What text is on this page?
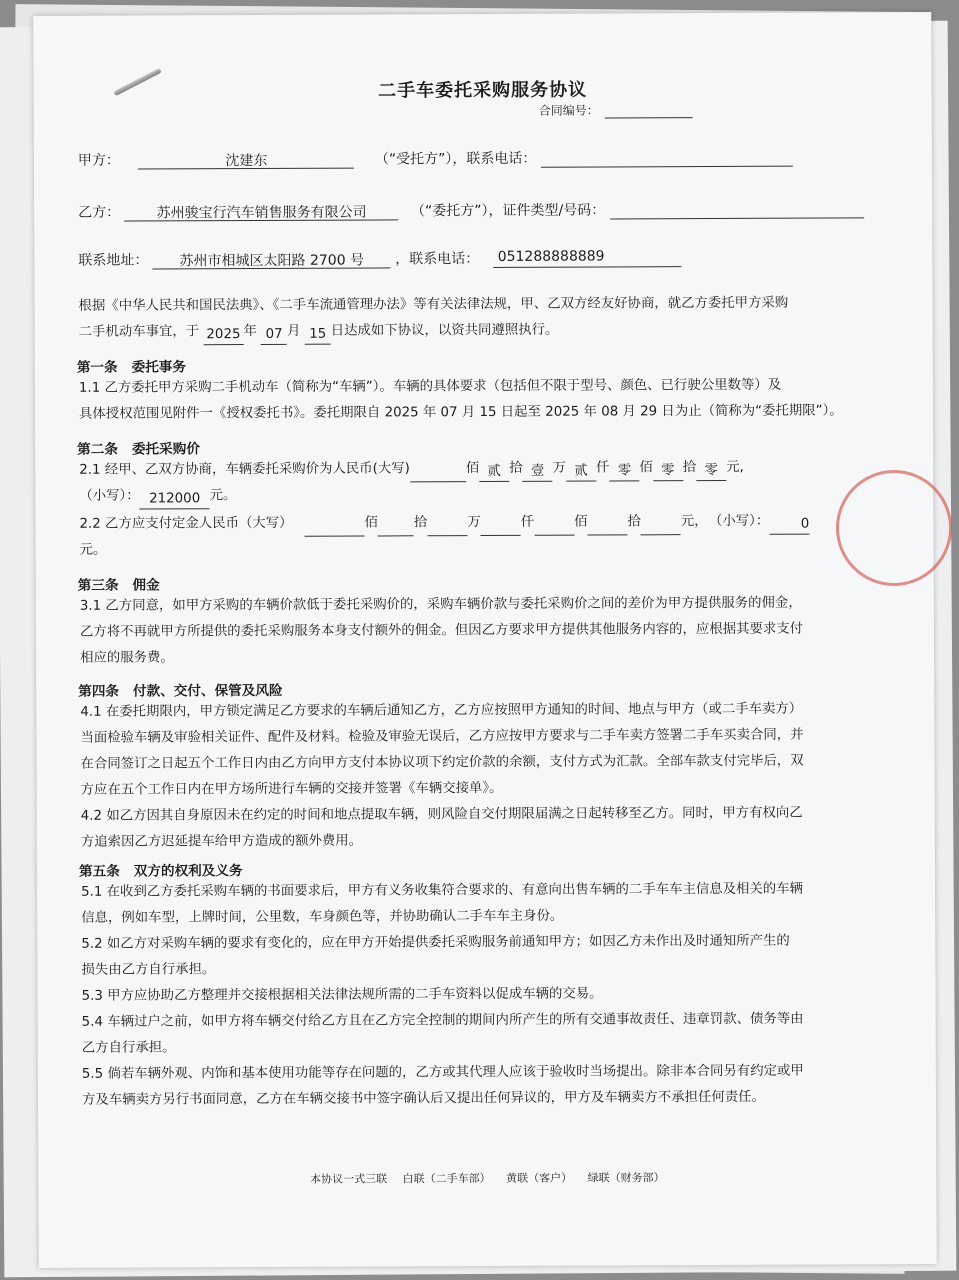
二手车委托采购服务协议
合同编号：
甲方：	沈建东	（“受托方”），联系电话：
乙方：	苏州骏宝行汽车销售服务有限公司	（“委托方”），证件类型/号码：
联系地址： 苏州市相城区太阳路 2700 号 ，联系电话： 051288888889
根据《中华人民共和国民法典》、《二手车流通管理办法》等有关法律法规，甲、乙双方经友好协商，就乙方委托甲方采购
二手机动车事宜，于 2025 年 07 月 15 日达成如下协议，以资共同遵照执行。
第一条 委托事务
1.1 乙方委托甲方采购二手机动车（简称为“车辆”）。车辆的具体要求（包括但不限于型号、颜色、已行驶公里数等）及
具体授权范围见附件一《授权委托书》。委托期限自 2025 年 07 月 15 日起至 2025 年 08 月 29 日为止（简称为“委托期限”）。
第二条 委托采购价
2.1 经甲、乙双方协商，车辆委托采购价为人民币(大写)	佰 贰 拾 壹 万 贰 仟 零 佰 零 拾 零 元,
（小写）： 212000 元。
2.2 乙方应支付定金人民币（大写）	佰	拾	万	仟	佰	拾	元， （小写）： 0
元。
第三条 佣金
3.1 乙方同意，如甲方采购的车辆价款低于委托采购价的，采购车辆价款与委托采购价之间的差价为甲方提供服务的佣金，
乙方将不再就甲方所提供的委托采购服务本身支付额外的佣金。但因乙方要求甲方提供其他服务内容的，应根据其要求支付
相应的服务费。
第四条 付款、交付、保管及风险
4.1 在委托期限内，甲方锁定满足乙方要求的车辆后通知乙方，乙方应按照甲方通知的时间、地点与甲方（或二手车卖方）
当面检验车辆及审验相关证件、配件及材料。检验及审验无误后，乙方应按甲方要求与二手车卖方签署二手车买卖合同，并
在合同签订之日起五个工作日内由乙方向甲方支付本协议项下约定价款的余额，支付方式为汇款。全部车款支付完毕后，双
方应在五个工作日内在甲方场所进行车辆的交接并签署《车辆交接单》。
4.2 如乙方因其自身原因未在约定的时间和地点提取车辆，则风险自交付期限届满之日起转移至乙方。同时，甲方有权向乙
方追索因乙方迟延提车给甲方造成的额外费用。
第五条 双方的权利及义务
5.1 在收到乙方委托采购车辆的书面要求后，甲方有义务收集符合要求的、有意向出售车辆的二手车车主信息及相关的车辆
信息，例如车型，上牌时间，公里数，车身颜色等，并协助确认二手车车主身份。
5.2 如乙方对采购车辆的要求有变化的，应在甲方开始提供委托采购服务前通知甲方；如因乙方未作出及时通知所产生的
损失由乙方自行承担。
5.3 甲方应协助乙方整理并交接根据相关法律法规所需的二手车资料以促成车辆的交易。
5.4 车辆过户之前，如甲方将车辆交付给乙方且在乙方完全控制的期间内所产生的所有交通事故责任、违章罚款、债务等由
乙方自行承担。
5.5 倘若车辆外观、内饰和基本使用功能等存在问题的，乙方或其代理人应该于验收时当场提出。除非本合同另有约定或甲
方及车辆卖方另行书面同意，乙方在车辆交接书中签字确认后又提出任何异议的，甲方及车辆卖方不承担任何责任。
本协议一式三联 白联（二手车部） 黄联（客户） 绿联（财务部）
